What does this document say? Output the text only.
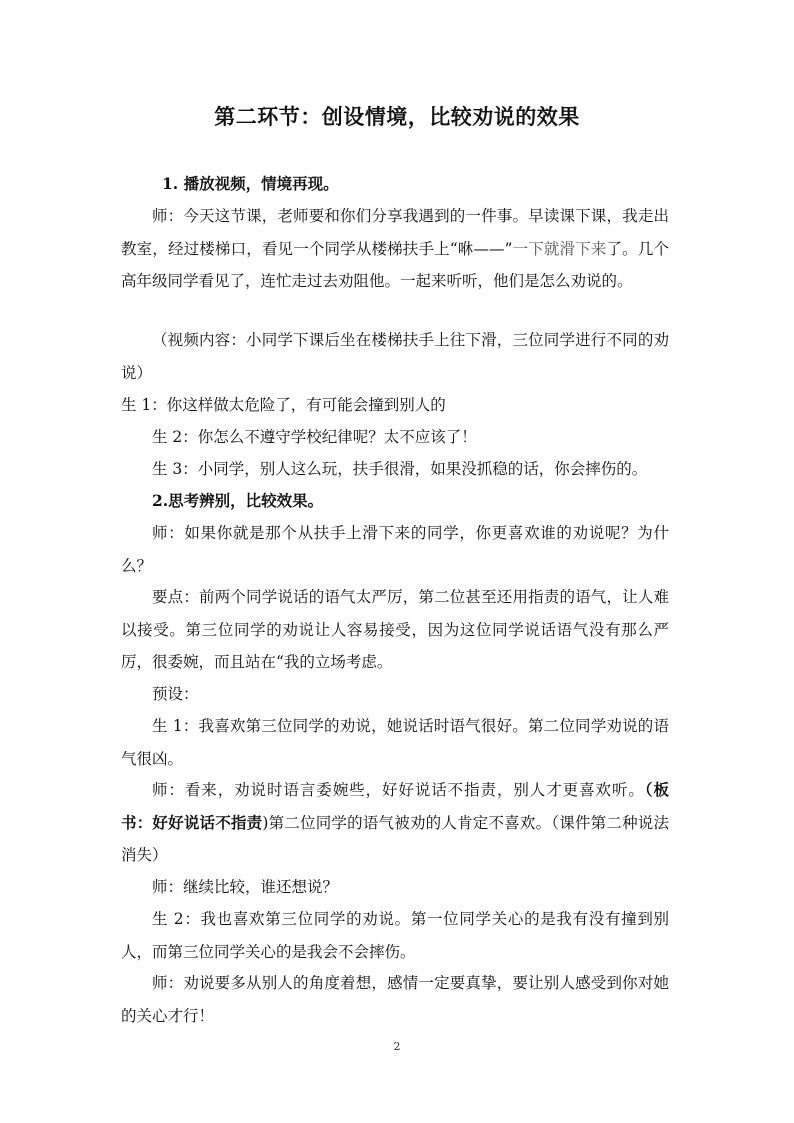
第二环节：创设情境，比较劝说的效果

1. 播放视频，情境再现。

师：今天这节课，老师要和你们分享我遇到的一件事。早读课下课，我走出教室，经过楼梯口，看见一个同学从楼梯扶手上“咻——”一下就滑下来了。几个高年级同学看见了，连忙走过去劝阻他。一起来听听，他们是怎么劝说的。

（视频内容：小同学下课后坐在楼梯扶手上往下滑，三位同学进行不同的劝说）

生 1：你这样做太危险了，有可能会撞到别人的

生 2：你怎么不遵守学校纪律呢？太不应该了！

生 3：小同学，别人这么玩，扶手很滑，如果没抓稳的话，你会摔伤的。

2.思考辨别，比较效果。

师：如果你就是那个从扶手上滑下来的同学，你更喜欢谁的劝说呢？为什么？

要点：前两个同学说话的语气太严厉，第二位甚至还用指责的语气，让人难以接受。第三位同学的劝说让人容易接受，因为这位同学说话语气没有那么严厉，很委婉，而且站在“我的立场考虑。

预设：

生 1：我喜欢第三位同学的劝说，她说话时语气很好。第二位同学劝说的语气很凶。

师：看来，劝说时语言委婉些，好好说话不指责，别人才更喜欢听。（板书：好好说话不指责)第二位同学的语气被劝的人肯定不喜欢。（课件第二种说法消失）

师：继续比较，谁还想说？

生 2：我也喜欢第三位同学的劝说。第一位同学关心的是我有没有撞到别人，而第三位同学关心的是我会不会摔伤。

师：劝说要多从别人的角度着想，感情一定要真挚，要让别人感受到你对她的关心才行！

2
